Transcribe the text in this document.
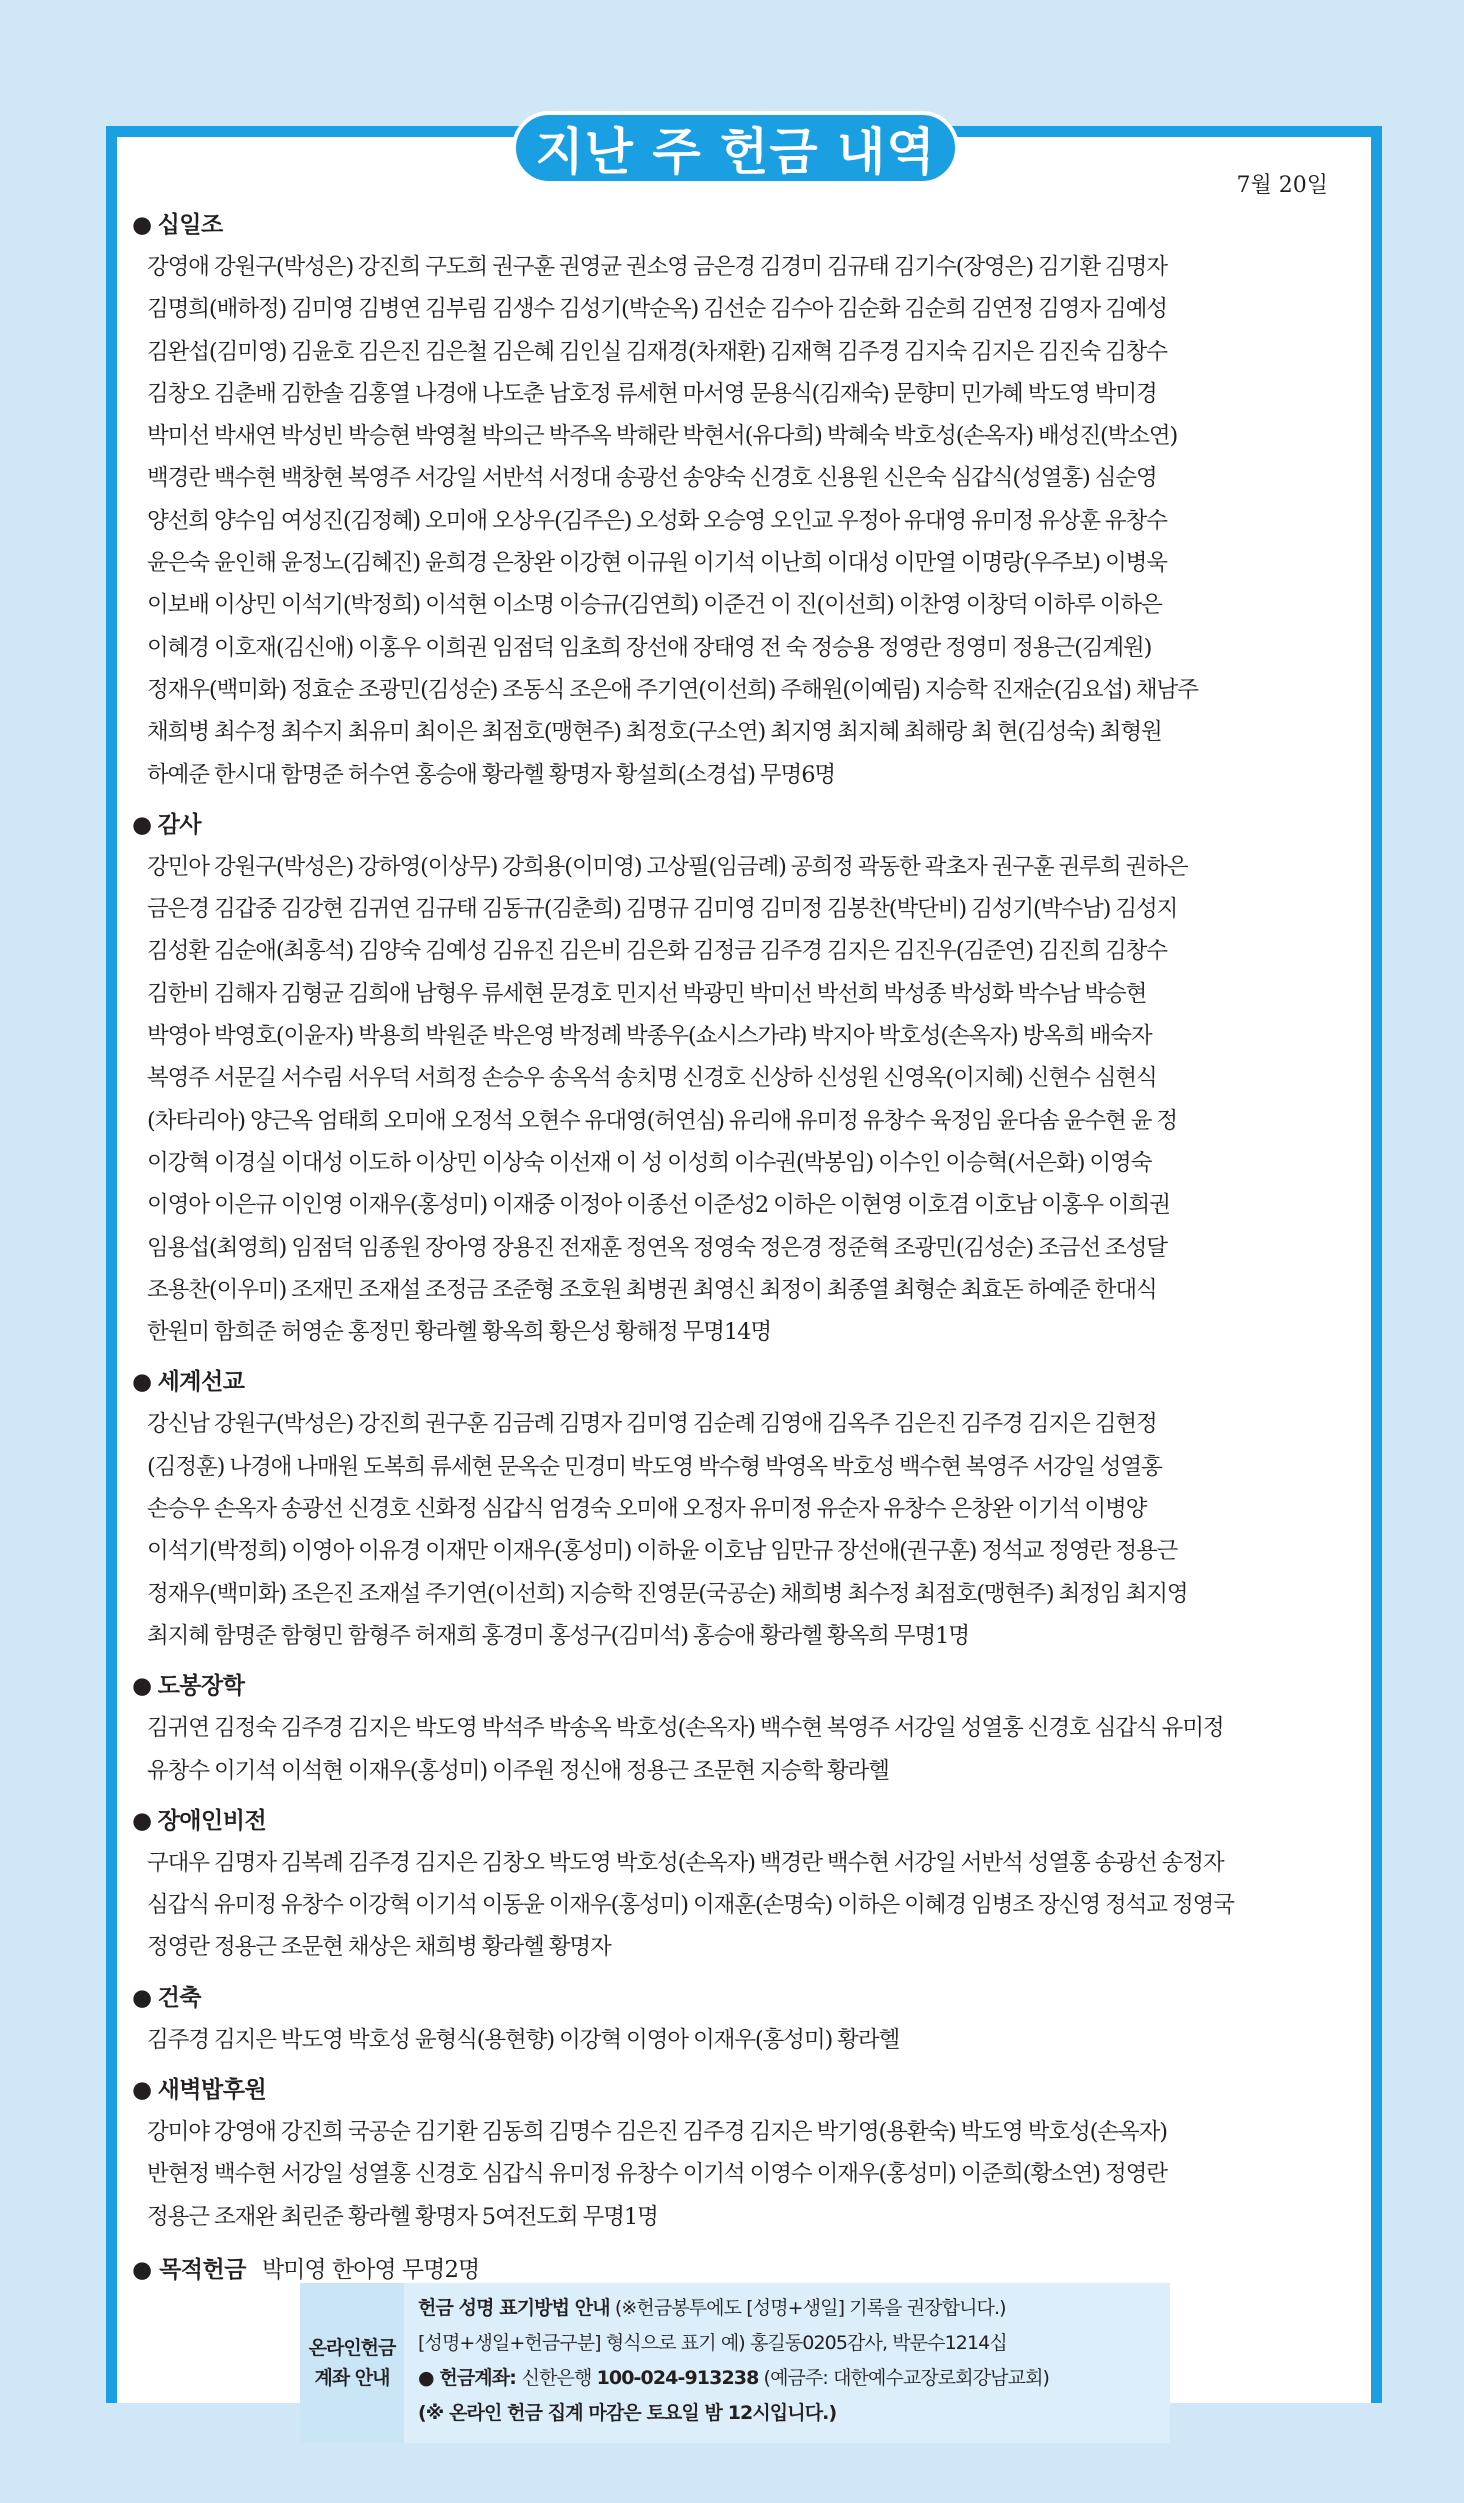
지난 주 헌금 내역
7월 20일
● 십일조
강영애 강원구(박성은) 강진희 구도희 권구훈 권영균 권소영 금은경 김경미 김규태 김기수(장영은) 김기환 김명자
김명희(배하정) 김미영 김병연 김부림 김생수 김성기(박순옥) 김선순 김수아 김순화 김순희 김연정 김영자 김예성
김완섭(김미영) 김윤호 김은진 김은철 김은혜 김인실 김재경(차재환) 김재혁 김주경 김지숙 김지은 김진숙 김창수
김창오 김춘배 김한솔 김홍열 나경애 나도춘 남호정 류세현 마서영 문용식(김재숙) 문향미 민가혜 박도영 박미경
박미선 박새연 박성빈 박승현 박영철 박의근 박주옥 박해란 박현서(유다희) 박혜숙 박호성(손옥자) 배성진(박소연)
백경란 백수현 백창현 복영주 서강일 서반석 서정대 송광선 송양숙 신경호 신용원 신은숙 심갑식(성열홍) 심순영
양선희 양수임 여성진(김정혜) 오미애 오상우(김주은) 오성화 오승영 오인교 우정아 유대영 유미정 유상훈 유창수
윤은숙 윤인해 윤정노(김혜진) 윤희경 은창완 이강현 이규원 이기석 이난희 이대성 이만열 이명랑(우주보) 이병욱
이보배 이상민 이석기(박정희) 이석현 이소명 이승규(김연희) 이준건 이 진(이선희) 이찬영 이창덕 이하루 이하은
이혜경 이호재(김신애) 이홍우 이희권 임점덕 임초희 장선애 장태영 전 숙 정승용 정영란 정영미 정용근(김계원)
정재우(백미화) 정효순 조광민(김성순) 조동식 조은애 주기연(이선희) 주해원(이예림) 지승학 진재순(김요섭) 채남주
채희병 최수정 최수지 최유미 최이은 최점호(맹현주) 최정호(구소연) 최지영 최지혜 최해랑 최 현(김성숙) 최형원
하예준 한시대 함명준 허수연 홍승애 황라헬 황명자 황설희(소경섭) 무명6명
● 감사
강민아 강원구(박성은) 강하영(이상무) 강희용(이미영) 고상필(임금례) 공희정 곽동한 곽초자 권구훈 권루희 권하은
금은경 김갑중 김강현 김귀연 김규태 김동규(김춘희) 김명규 김미영 김미정 김봉찬(박단비) 김성기(박수남) 김성지
김성환 김순애(최홍석) 김양숙 김예성 김유진 김은비 김은화 김정금 김주경 김지은 김진우(김준연) 김진희 김창수
김한비 김해자 김형균 김희애 남형우 류세현 문경호 민지선 박광민 박미선 박선희 박성종 박성화 박수남 박승현
박영아 박영호(이윤자) 박용희 박원준 박은영 박정례 박종우(쇼시스가랴) 박지아 박호성(손옥자) 방옥희 배숙자
복영주 서문길 서수림 서우덕 서희정 손승우 송옥석 송치명 신경호 신상하 신성원 신영옥(이지혜) 신현수 심현식
(차타리아) 양근옥 엄태희 오미애 오정석 오현수 유대영(허연심) 유리애 유미정 유창수 육정임 윤다솜 윤수현 윤 정
이강혁 이경실 이대성 이도하 이상민 이상숙 이선재 이 성 이성희 이수권(박봉임) 이수인 이승혁(서은화) 이영숙
이영아 이은규 이인영 이재우(홍성미) 이재중 이정아 이종선 이준성2 이하은 이현영 이호겸 이호남 이홍우 이희권
임용섭(최영희) 임점덕 임종원 장아영 장용진 전재훈 정연옥 정영숙 정은경 정준혁 조광민(김성순) 조금선 조성달
조용찬(이우미) 조재민 조재설 조정금 조준형 조호원 최병권 최영신 최정이 최종열 최형순 최효돈 하예준 한대식
한원미 함희준 허영순 홍정민 황라헬 황옥희 황은성 황해정 무명14명
● 세계선교
강신남 강원구(박성은) 강진희 권구훈 김금례 김명자 김미영 김순례 김영애 김옥주 김은진 김주경 김지은 김현정
(김정훈) 나경애 나매원 도복희 류세현 문옥순 민경미 박도영 박수형 박영옥 박호성 백수현 복영주 서강일 성열홍
손승우 손옥자 송광선 신경호 신화정 심갑식 엄경숙 오미애 오정자 유미정 유순자 유창수 은창완 이기석 이병양
이석기(박정희) 이영아 이유경 이재만 이재우(홍성미) 이하윤 이호남 임만규 장선애(권구훈) 정석교 정영란 정용근
정재우(백미화) 조은진 조재설 주기연(이선희) 지승학 진영문(국공순) 채희병 최수정 최점호(맹현주) 최정임 최지영
최지혜 함명준 함형민 함형주 허재희 홍경미 홍성구(김미석) 홍승애 황라헬 황옥희 무명1명
● 도봉장학
김귀연 김정숙 김주경 김지은 박도영 박석주 박송옥 박호성(손옥자) 백수현 복영주 서강일 성열홍 신경호 심갑식 유미정
유창수 이기석 이석현 이재우(홍성미) 이주원 정신애 정용근 조문현 지승학 황라헬
● 장애인비전
구대우 김명자 김복례 김주경 김지은 김창오 박도영 박호성(손옥자) 백경란 백수현 서강일 서반석 성열홍 송광선 송정자
심갑식 유미정 유창수 이강혁 이기석 이동윤 이재우(홍성미) 이재훈(손명숙) 이하은 이혜경 임병조 장신영 정석교 정영국
정영란 정용근 조문현 채상은 채희병 황라헬 황명자
● 건축
김주경 김지은 박도영 박호성 윤형식(용현향) 이강혁 이영아 이재우(홍성미) 황라헬
● 새벽밥후원
강미야 강영애 강진희 국공순 김기환 김동희 김명수 김은진 김주경 김지은 박기영(용환숙) 박도영 박호성(손옥자)
반현정 백수현 서강일 성열홍 신경호 심갑식 유미정 유창수 이기석 이영수 이재우(홍성미) 이준희(황소연) 정영란
정용근 조재완 최린준 황라헬 황명자 5여전도회 무명1명
● 목적헌금 박미영 한아영 무명2명
온라인헌금
계좌 안내
헌금 성명 표기방법 안내 (※헌금봉투에도 [성명+생일] 기록을 권장합니다.)
[성명+생일+헌금구분] 형식으로 표기 예) 홍길동0205감사, 박문수1214십
● 헌금계좌: 신한은행 100-024-913238 (예금주: 대한예수교장로회강남교회)
(※ 온라인 헌금 집계 마감은 토요일 밤 12시입니다.)
